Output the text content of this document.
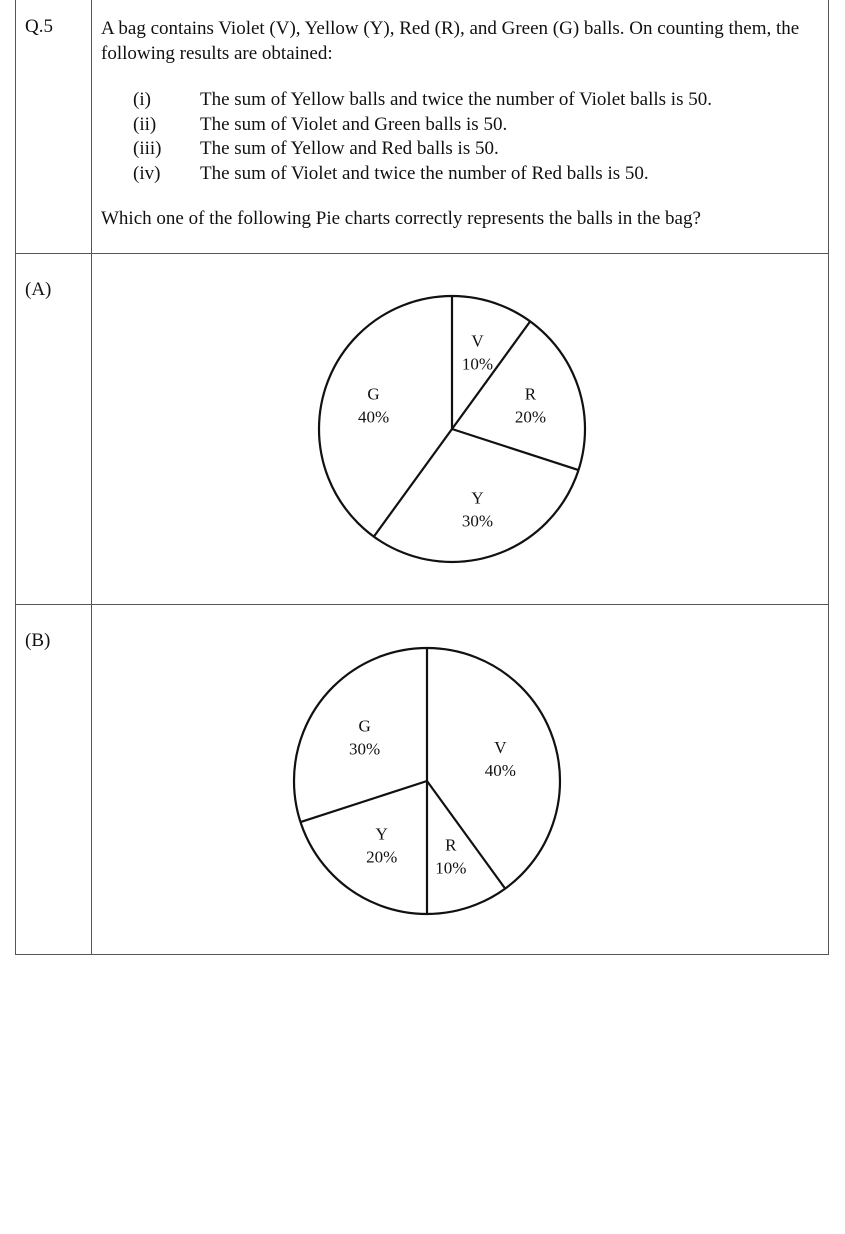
Q.5	A bag contains Violet (V), Yellow (Y), Red (R), and Green (G) balls. On counting them, the following results are obtained:
(i)	The sum of Yellow balls and twice the number of Violet balls is 50.
(ii) The sum of Violet and Green balls is 50.
(iii) The sum of Yellow and Red balls is 50.
(iv) The sum of Violet and twice the number of Red balls is 50.
Which one of the following Pie charts correctly represents the balls in the bag?
(A)
(B)
V
10%
R
20%
Y
30%
G
40%
V
40%
R
10%
Y
20%
G
30%
